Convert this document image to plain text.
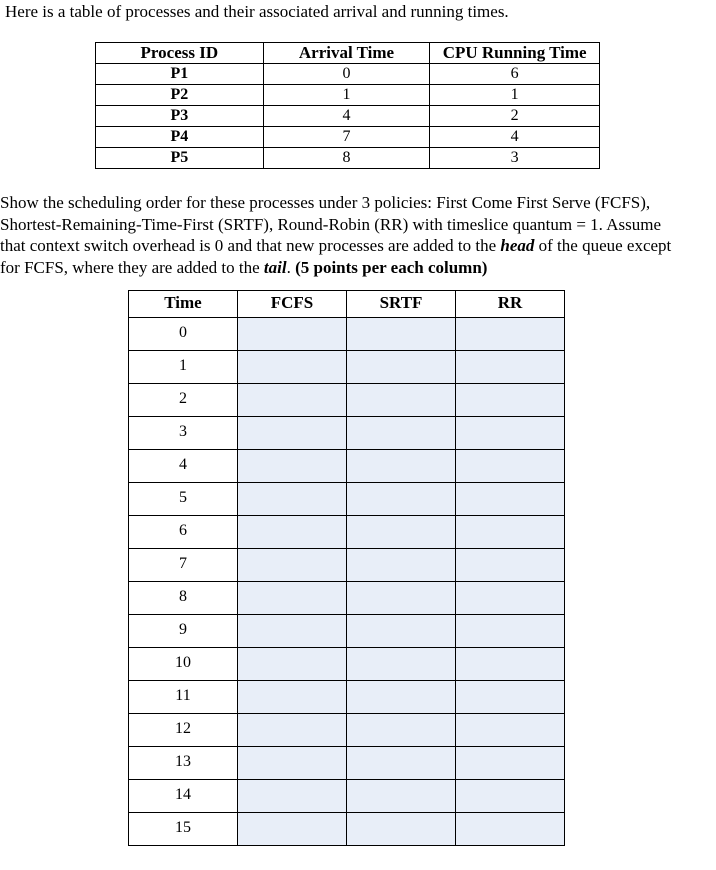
Here is a table of processes and their associated arrival and running times.

Process ID	Arrival Time	CPU Running Time
P1	0	6
P2	1	1
P3	4	2
P4	7	4
P5	8	3

Show the scheduling order for these processes under 3 policies: First Come First Serve (FCFS),
Shortest-Remaining-Time-First (SRTF), Round-Robin (RR) with timeslice quantum = 1. Assume
that context switch overhead is 0 and that new processes are added to the head of the queue except
for FCFS, where they are added to the tail. (5 points per each column)

Time	FCFS	SRTF	RR
0			
1			
2			
3			
4			
5			
6			
7			
8			
9			
10			
11			
12			
13			
14			
15			
